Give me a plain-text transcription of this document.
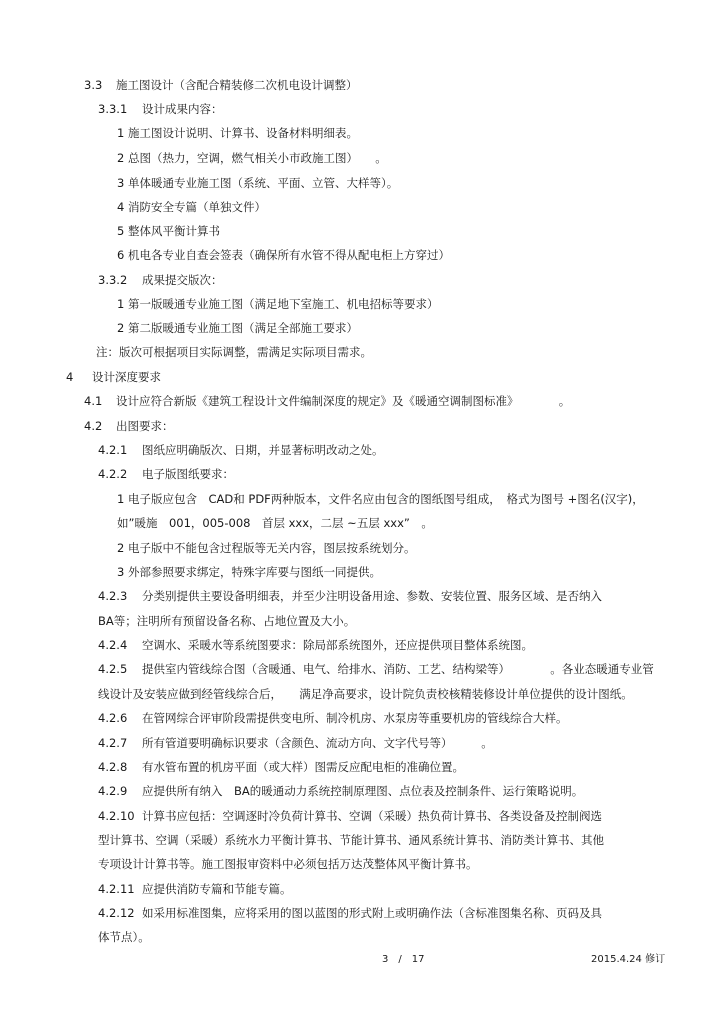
3.3 施工图设计（含配合精装修二次机电设计调整）
3.3.1 设计成果内容：
1 施工图设计说明、计算书、设备材料明细表。
2 总图（热力，空调，燃气相关小市政施工图）　　。
3 单体暖通专业施工图（系统、平面、立管、大样等）。
4 消防安全专篇（单独文件）
5 整体风平衡计算书
6 机电各专业自查会签表（确保所有水管不得从配电柜上方穿过）
3.3.2 成果提交版次：
1 第一版暖通专业施工图（满足地下室施工、机电招标等要求）
2 第二版暖通专业施工图（满足全部施工要求）
注：版次可根据项目实际调整，需满足实际项目需求。
4 设计深度要求
4.1 设计应符合新版《建筑工程设计文件编制深度的规定》及《暖通空调制图标准》　　　　。
4.2 出图要求：
4.2.1 图纸应明确版次、日期，并显著标明改动之处。
4.2.2 电子版图纸要求：
1 电子版应包含　CAD和 PDF两种版本，文件名应由包含的图纸图号组成，　格式为图号 +图名(汉字)，
如”暖施　001，005-008　首层 xxx，二层 ~五层 xxx”　。
2 电子版中不能包含过程版等无关内容，图层按系统划分。
3 外部参照要求绑定，特殊字库要与图纸一同提供。
4.2.3 分类别提供主要设备明细表，并至少注明设备用途、参数、安装位置、服务区域、是否纳入
BA等；注明所有预留设备名称、占地位置及大小。
4.2.4 空调水、采暖水等系统图要求：除局部系统图外，还应提供项目整体系统图。
4.2.5 提供室内管线综合图（含暖通、电气、给排水、消防、工艺、结构梁等）　　　　。各业态暖通专业管
线设计及安装应做到经管线综合后，　　满足净高要求，设计院负责校核精装修设计单位提供的设计图纸。
4.2.6 在管网综合评审阶段需提供变电所、制冷机房、水泵房等重要机房的管线综合大样。
4.2.7 所有管道要明确标识要求（含颜色、流动方向、文字代号等）　　　。
4.2.8 有水管布置的机房平面（或大样）图需反应配电柜的准确位置。
4.2.9 应提供所有纳入　BA的暖通动力系统控制原理图、点位表及控制条件、运行策略说明。
4.2.10 计算书应包括：空调逐时冷负荷计算书、空调（采暖）热负荷计算书、各类设备及控制阀选
型计算书、空调（采暖）系统水力平衡计算书、节能计算书、通风系统计算书、消防类计算书、其他
专项设计计算书等。施工图报审资料中必须包括万达茂整体风平衡计算书。
4.2.11 应提供消防专篇和节能专篇。
4.2.12 如采用标准图集，应将采用的图以蓝图的形式附上或明确作法（含标准图集名称、页码及具
体节点）。
3　/　17	2015.4.24 修订
